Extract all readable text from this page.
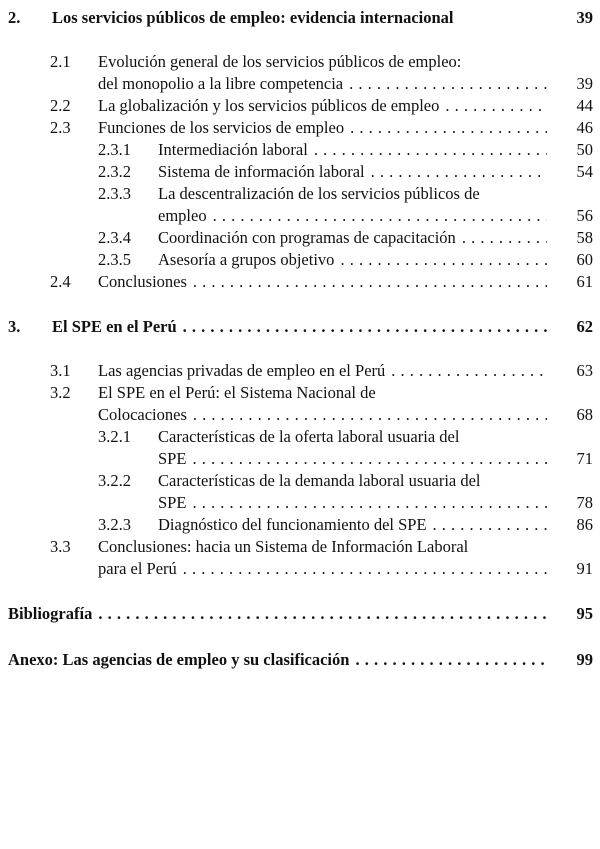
2. Los servicios públicos de empleo: evidencia internacional	39
2.1 Evolución general de los servicios públicos de empleo:
del monopolio a la libre competencia . . .	39
2.2 La globalización y los servicios públicos de empleo . . .	44
2.3 Funciones de los servicios de empleo . . .	46
2.3.1 Intermediación laboral . . .	50
2.3.2 Sistema de información laboral . . .	54
2.3.3 La descentralización de los servicios públicos de
empleo . . .	56
2.3.4 Coordinación con programas de capacitación . . .	58
2.3.5 Asesoría a grupos objetivo . . .	60
2.4 Conclusiones . . .	61
3. El SPE en el Perú . . .	62
3.1 Las agencias privadas de empleo en el Perú . . .	63
3.2 El SPE en el Perú: el Sistema Nacional de
Colocaciones . . .	68
3.2.1 Características de la oferta laboral usuaria del
SPE . . .	71
3.2.2 Características de la demanda laboral usuaria del
SPE . . .	78
3.2.3 Diagnóstico del funcionamiento del SPE . . .	86
3.3 Conclusiones: hacia un Sistema de Información Laboral
para el Perú . . .	91
Bibliografía . . .	95
Anexo: Las agencias de empleo y su clasificación . . .	99
